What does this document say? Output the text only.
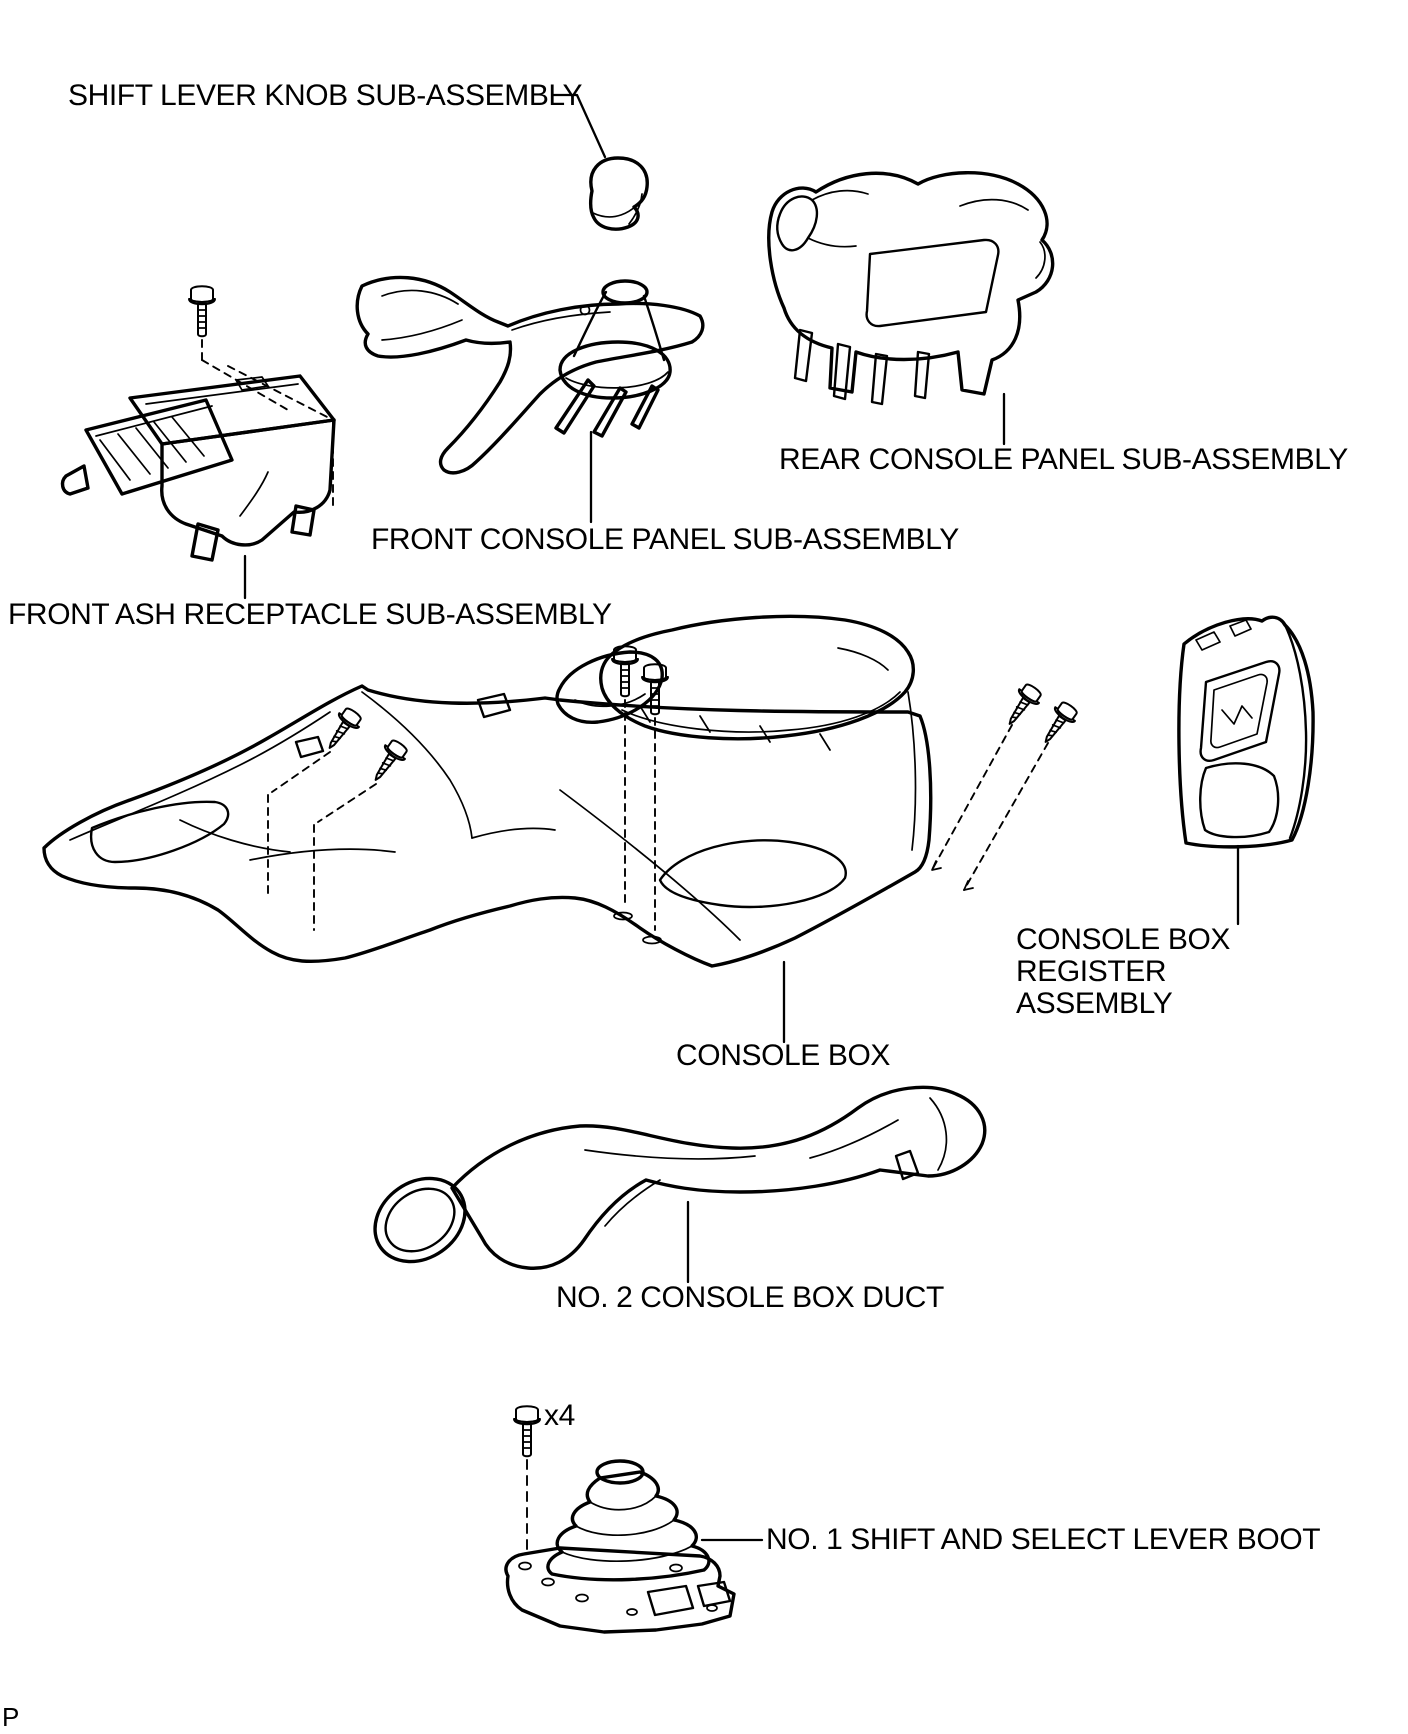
SHIFT LEVER KNOB SUB-ASSEMBLY
REAR CONSOLE PANEL SUB-ASSEMBLY
FRONT CONSOLE PANEL SUB-ASSEMBLY
FRONT ASH RECEPTACLE SUB-ASSEMBLY
CONSOLE BOX REGISTER
ASSEMBLY
CONSOLE BOX
NO. 2 CONSOLE BOX DUCT
NO. 1 SHIFT AND SELECT LEVER BOOT
x4
P
